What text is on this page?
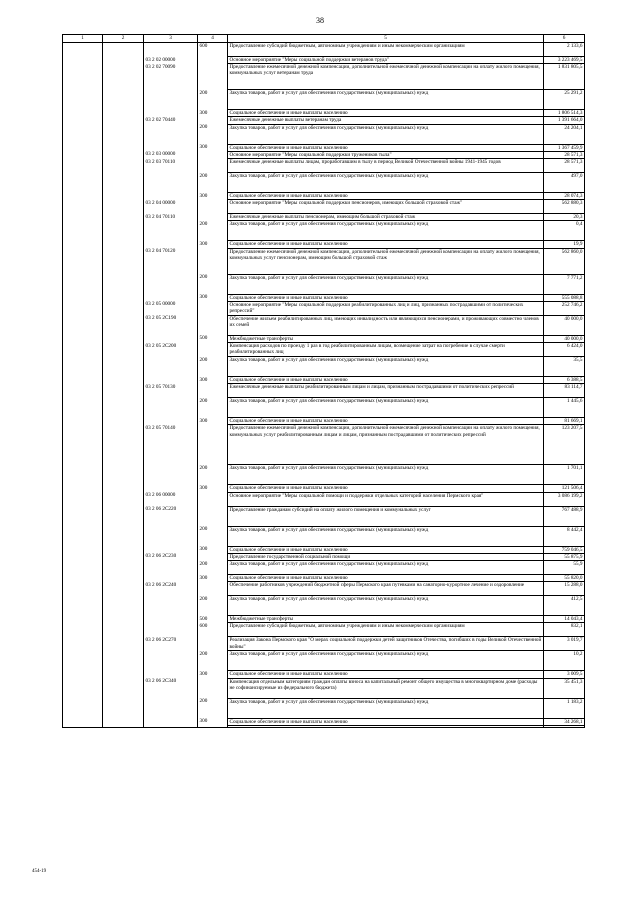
38
1	2	3	4	5	6
			600	Предоставление субсидий бюджетным, автономным учреждениям и иным некоммерческим организациям	2 133,6
		03 2 02 00000		Основное мероприятие "Меры социальной поддержки ветеранов труда"	3 223 469,5
		03 2 02 70090		Предоставление ежемесячной денежной компенсации, дополнительной ежемесячной денежной компенсации на оплату жилого помещения, коммунальных услуг ветеранам труда	1 831 805,5
			200	Закупка товаров, работ и услуг для обеспечения государственных (муниципальных) нужд	25 291,2
			300	Социальное обеспечение и иные выплаты населению	1 806 514,3
		03 2 02 70440		Ежемесячные денежные выплаты ветеранам труда	1 391 664,0
			200	Закупка товаров, работ и услуг для обеспечения государственных (муниципальных) нужд	24 204,1
			300	Социальное обеспечение и иные выплаты населению	1 367 459,9
		03 2 03 00000		Основное мероприятие "Меры социальной поддержки тружеников тыла"	28 571,3
		03 2 03 70110		Ежемесячные денежные выплаты лицам, проработавшим в тылу в период Великой Отечественной войны 1941-1945 годов	28 571,3
			200	Закупка товаров, работ и услуг для обеспечения государственных (муниципальных) нужд	497,0
			300	Социальное обеспечение и иные выплаты населению	28 074,3
		03 2 04 00000		Основное мероприятие "Меры социальной поддержки пенсионеров, имеющих большой страховой стаж"	562 880,3
		03 2 04 70110		Ежемесячные денежные выплаты пенсионерам, имеющим большой страховой стаж	20,3
			200	Закупка товаров, работ и услуг для обеспечения государственных (муниципальных) нужд	0,4
			300	Социальное обеспечение и иные выплаты населению	19,9
		03 2 04 70120		Предоставление ежемесячной денежной компенсации, дополнительной ежемесячной денежной компенсации на оплату жилого помещения, коммунальных услуг пенсионерам, имеющим большой страховой стаж	562 860,0
			200	Закупка товаров, работ и услуг для обеспечения государственных (муниципальных) нужд	7 771,2
			300	Социальное обеспечение и иные выплаты населению	555 088,8
		03 2 05 00000		Основное мероприятие "Меры социальной поддержки реабилитированных лиц и лиц, признанных пострадавшими от политических репрессий"	252 746,2
		03 2 05 2C190		Обеспечение жильем реабилитированных лиц, имеющих инвалидность или являющихся пенсионерами, и проживающих совместно членов их семей	40 000,0
			500	Межбюджетные трансферты	40 000,0
		03 2 05 2C200		Компенсация расходов по проезду 1 раз в год реабилитированным лицам, возмещение затрат на погребение в случае смерти реабилитированных лиц	6 424,0
			200	Закупка товаров, работ и услуг для обеспечения государственных (муниципальных) нужд	35,5
			300	Социальное обеспечение и иные выплаты населению	6 388,5
		03 2 05 70130		Ежемесячные денежные выплаты реабилитированным лицам и лицам, признанным пострадавшими от политических репрессий	83 114,7
			200	Закупка товаров, работ и услуг для обеспечения государственных (муниципальных) нужд	1 445,6
			300	Социальное обеспечение и иные выплаты населению	81 669,1
		03 2 05 70140		Предоставление ежемесячной денежной компенсации, дополнительной ежемесячной денежной компенсации на оплату жилого помещения, коммунальных услуг реабилитированным лицам и лицам, признанным пострадавшими от политических репрессий	123 207,5
			200	Закупка товаров, работ и услуг для обеспечения государственных (муниципальных) нужд	1 701,1
			300	Социальное обеспечение и иные выплаты населению	121 506,4
		03 2 06 00000		Основное мероприятие "Меры социальной помощи и поддержки отдельных категорий населения Пермского края"	3 086 199,2
		03 2 06 2C220		Предоставление гражданам субсидий на оплату жилого помещения и коммунальных услуг	767 488,9
			200	Закупка товаров, работ и услуг для обеспечения государственных (муниципальных) нужд	8 442,4
			300	Социальное обеспечение и иные выплаты населению	759 046,5
		03 2 06 2C230		Предоставление государственной социальной помощи	55 875,9
			200	Закупка товаров, работ и услуг для обеспечения государственных (муниципальных) нужд	55,9
			300	Социальное обеспечение и иные выплаты населению	55 820,0
		03 2 06 2C240		Обеспечение работников учреждений бюджетной сферы Пермского края путевками на санаторно-курортное лечение и оздоровление	15 288,0
			200	Закупка товаров, работ и услуг для обеспечения государственных (муниципальных) нужд	412,5
			500	Межбюджетные трансферты	14 043,4
			600	Предоставление субсидий бюджетным, автономным учреждениям и иным некоммерческим организациям	832,1
		03 2 06 2C270		Реализация Закона Пермского края "О мерах социальной поддержки детей защитников Отечества, погибших в годы Великой Отечественной войны"	3 019,7
			200	Закупка товаров, работ и услуг для обеспечения государственных (муниципальных) нужд	10,2
			300	Социальное обеспечение и иные выплаты населению	3 009,5
		03 2 06 2C340		Компенсация отдельным категориям граждан оплаты взноса на капитальный ремонт общего имущества в многоквартирном доме (расходы не софинансируемые из федерального бюджета)	35 451,3
			200	Закупка товаров, работ и услуг для обеспечения государственных (муниципальных) нужд	1 183,2
			300	Социальное обеспечение и иные выплаты населению	34 268,1

454-19
